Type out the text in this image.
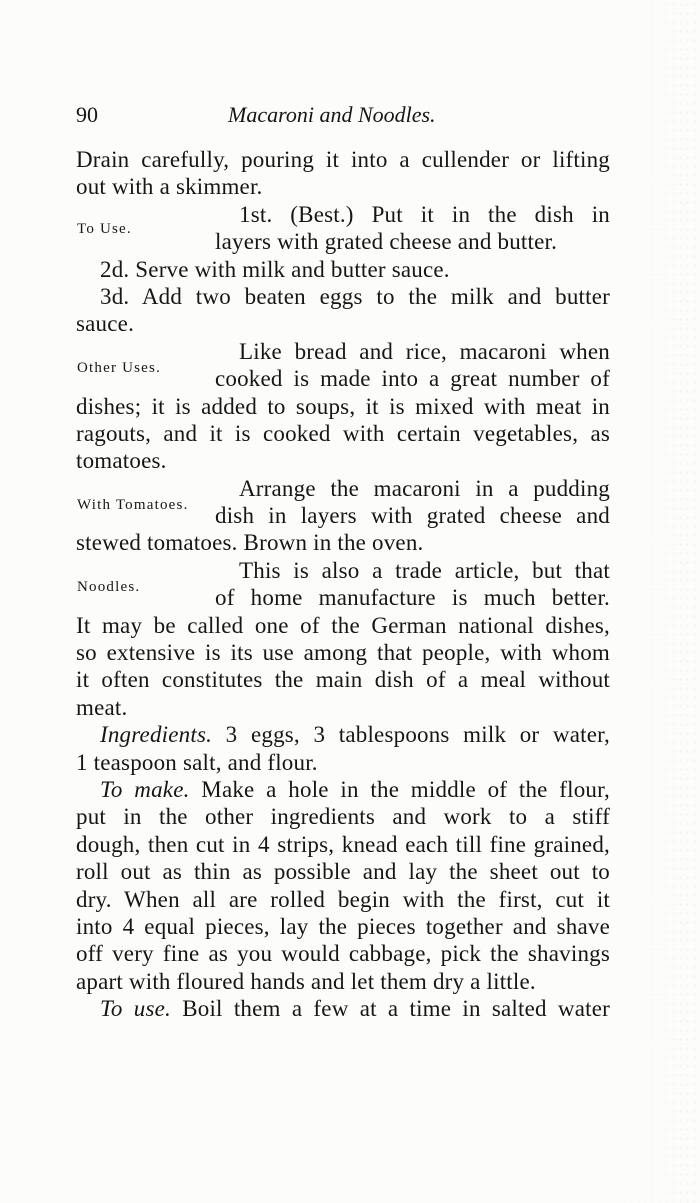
90	Macaroni and Noodles.
To Use.
Other Uses.
With Tomatoes.
Noodles.
Drain carefully, pouring it into a cullender or lifting
out with a skimmer.
1st. (Best.) Put it in the dish in
layers with grated cheese and butter.
2d. Serve with milk and butter sauce.
3d. Add two beaten eggs to the milk and butter
sauce.
Like bread and rice, macaroni when
cooked is made into a great number of
dishes; it is added to soups, it is mixed with meat in
ragouts, and it is cooked with certain vegetables, as
tomatoes.
Arrange the macaroni in a pudding
dish in layers with grated cheese and
stewed tomatoes. Brown in the oven.
This is also a trade article, but that
of home manufacture is much better.
It may be called one of the German national dishes,
so extensive is its use among that people, with whom
it often constitutes the main dish of a meal without
meat.
Ingredients. 3 eggs, 3 tablespoons milk or water,
1 teaspoon salt, and flour.
To make. Make a hole in the middle of the flour,
put in the other ingredients and work to a stiff
dough, then cut in 4 strips, knead each till fine grained,
roll out as thin as possible and lay the sheet out to
dry. When all are rolled begin with the first, cut it
into 4 equal pieces, lay the pieces together and shave
off very fine as you would cabbage, pick the shavings
apart with floured hands and let them dry a little.
To use. Boil them a few at a time in salted water
